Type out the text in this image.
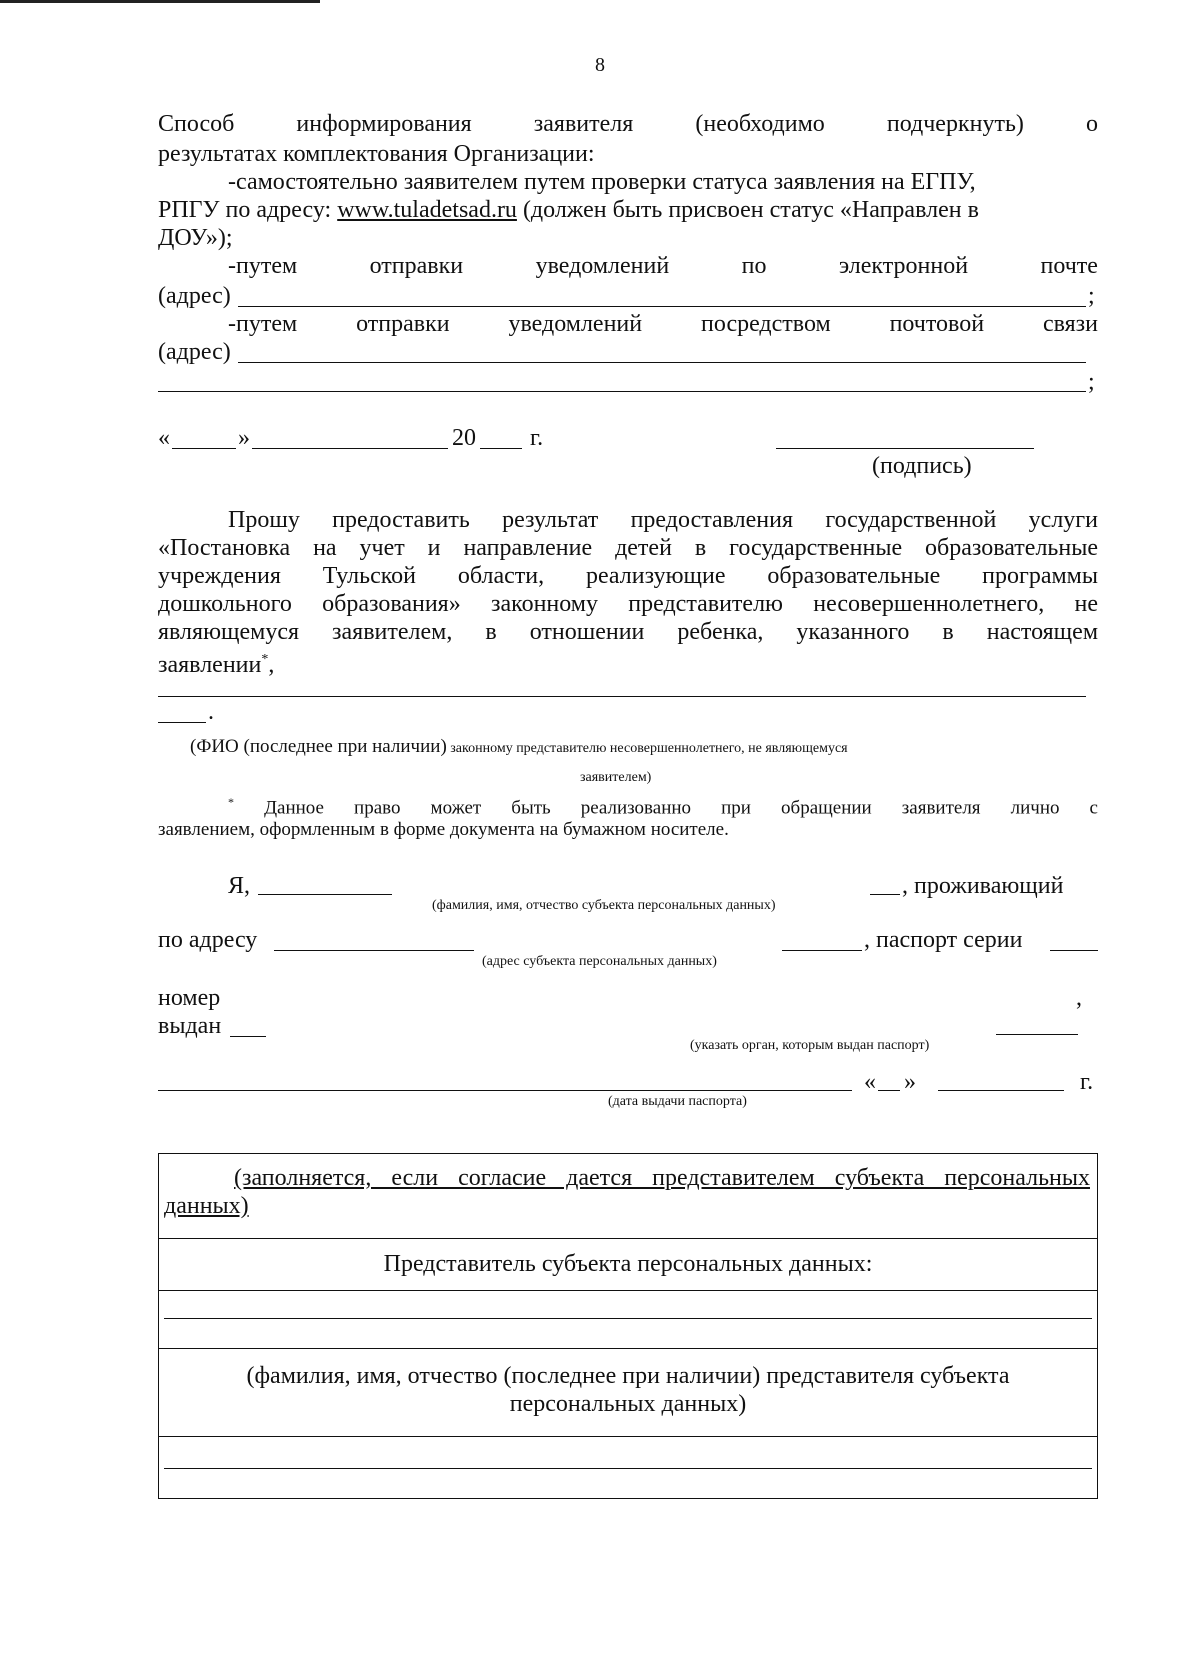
8
Способ	информирования	заявителя	(необходимо	подчеркнуть)	о
результатах комплектования Организации:
-самостоятельно заявителем путем проверки статуса заявления на ЕГПУ,
РПГУ по адресу: www.tuladetsad.ru (должен быть присвоен статус «Направлен в
ДОУ»);
-путем	отправки	уведомлений	по	электронной	почте
(адрес)	;
-путем отправки уведомлений посредством почтовой связи
(адрес)
;
«	»	20 г.
(подпись)
Прошу предоставить результат предоставления государственной услуги
«Постановка на учет и направление детей в государственные образовательные
учреждения Тульской области, реализующие образовательные программы
дошкольного образования» законному представителю несовершеннолетнего, не
являющемуся заявителем, в отношении ребенка, указанного в настоящем
заявлении*,
.
(ФИО (последнее при наличии) законному представителю несовершеннолетнего, не являющемуся
заявителем)
* Данное право может быть реализованно при обращении заявителя лично с
заявлением, оформленным в форме документа на бумажном носителе.
Я,	, проживающий
(фамилия, имя, отчество субъекта персональных данных)
по адресу	, паспорт серии
(адрес субъекта персональных данных)
номер	,
выдан
(указать орган, которым выдан паспорт)
« »	г.
(дата выдачи паспорта)
(заполняется, если согласие дается представителем субъекта персональных
данных)
Представитель субъекта персональных данных:
(фамилия, имя, отчество (последнее при наличии) представителя субъекта
персональных данных)
